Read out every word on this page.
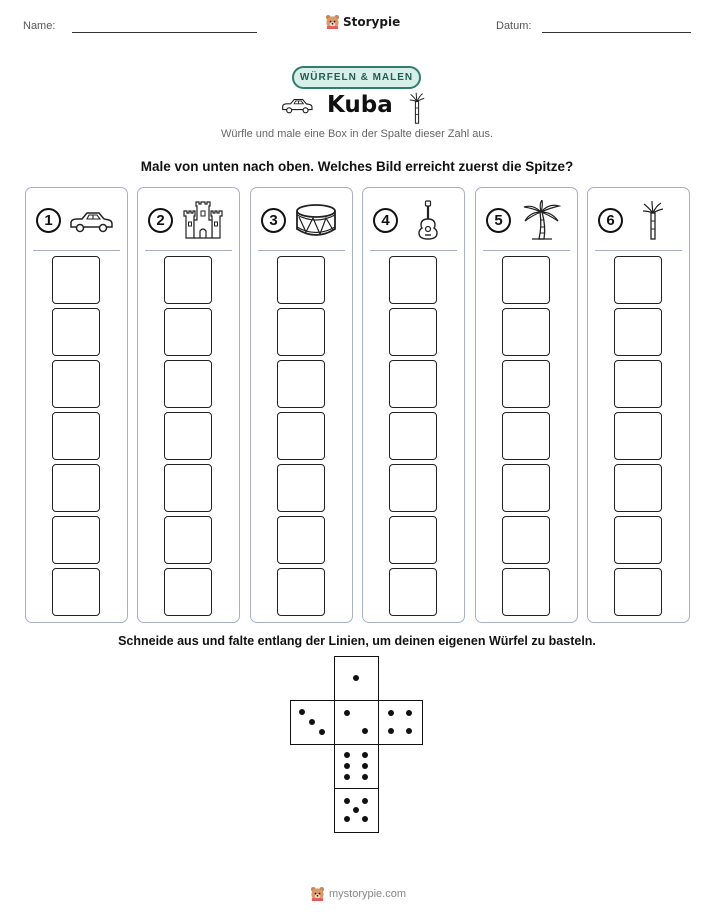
Name:	Storypie	Datum:
WÜRFELN & MALEN
Kuba
Würfle und male eine Box in der Spalte dieser Zahl aus.
Male von unten nach oben. Welches Bild erreicht zuerst die Spitze?
1	2	3	4	5	6
Schneide aus und falte entlang der Linien, um deinen eigenen Würfel zu basteln.
mystorypie.com
